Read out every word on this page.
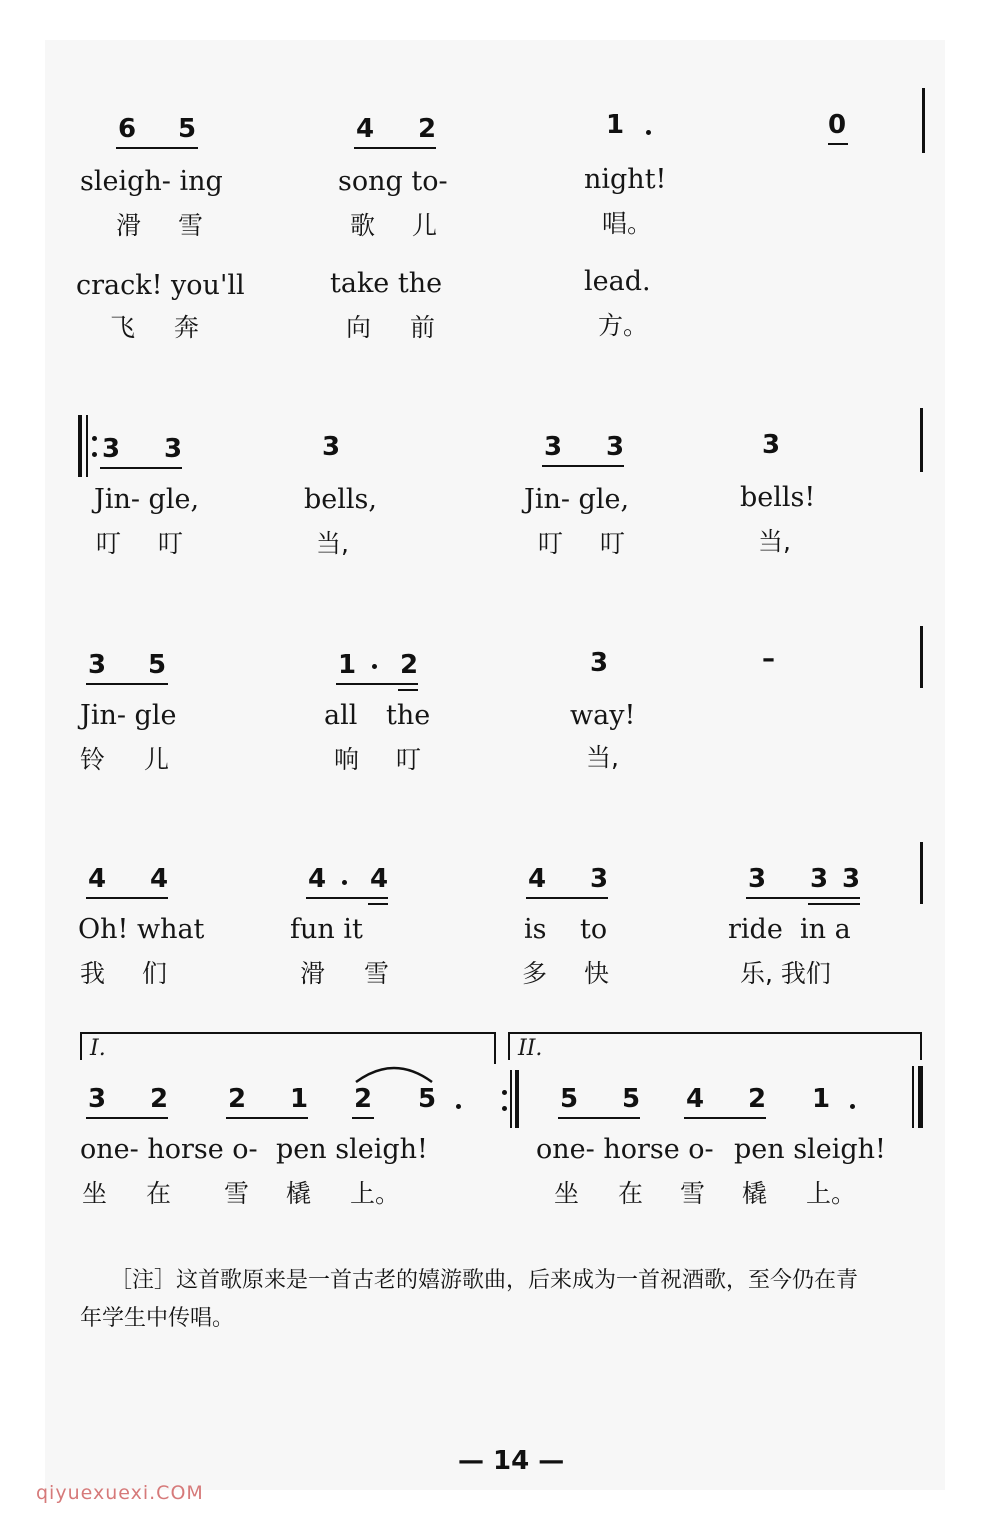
6 5	4 2	1	0
sleigh- ing	song to-	night!
滑 雪	歌 儿	唱。
crack! you'll	take the	lead.
飞 奔	向 前	方。
3 3	3	3 3	3
Jin- gle,	bells,	Jin- gle,	bells!
叮 叮	当,	叮 叮	当,
3 5	1 2	3	–
Jin- gle	all the	way!
铃 儿	响 叮	当,
4 4	4 4	4 3	3 3 3
Oh! what	fun it	is to	ride in a
我 们	滑 雪	多 快	乐, 我们
I.	II.
3 2 2 1 2 5	5 5 4 2 1
one- horse o- pen sleigh!	one- horse o- pen sleigh!
坐 在 雪 橇 上。	坐 在 雪 橇 上。
［注］这首歌原来是一首古老的嬉游歌曲，后来成为一首祝酒歌，至今仍在青
年学生中传唱。
— 14 —
qiyuexuexi.COM
